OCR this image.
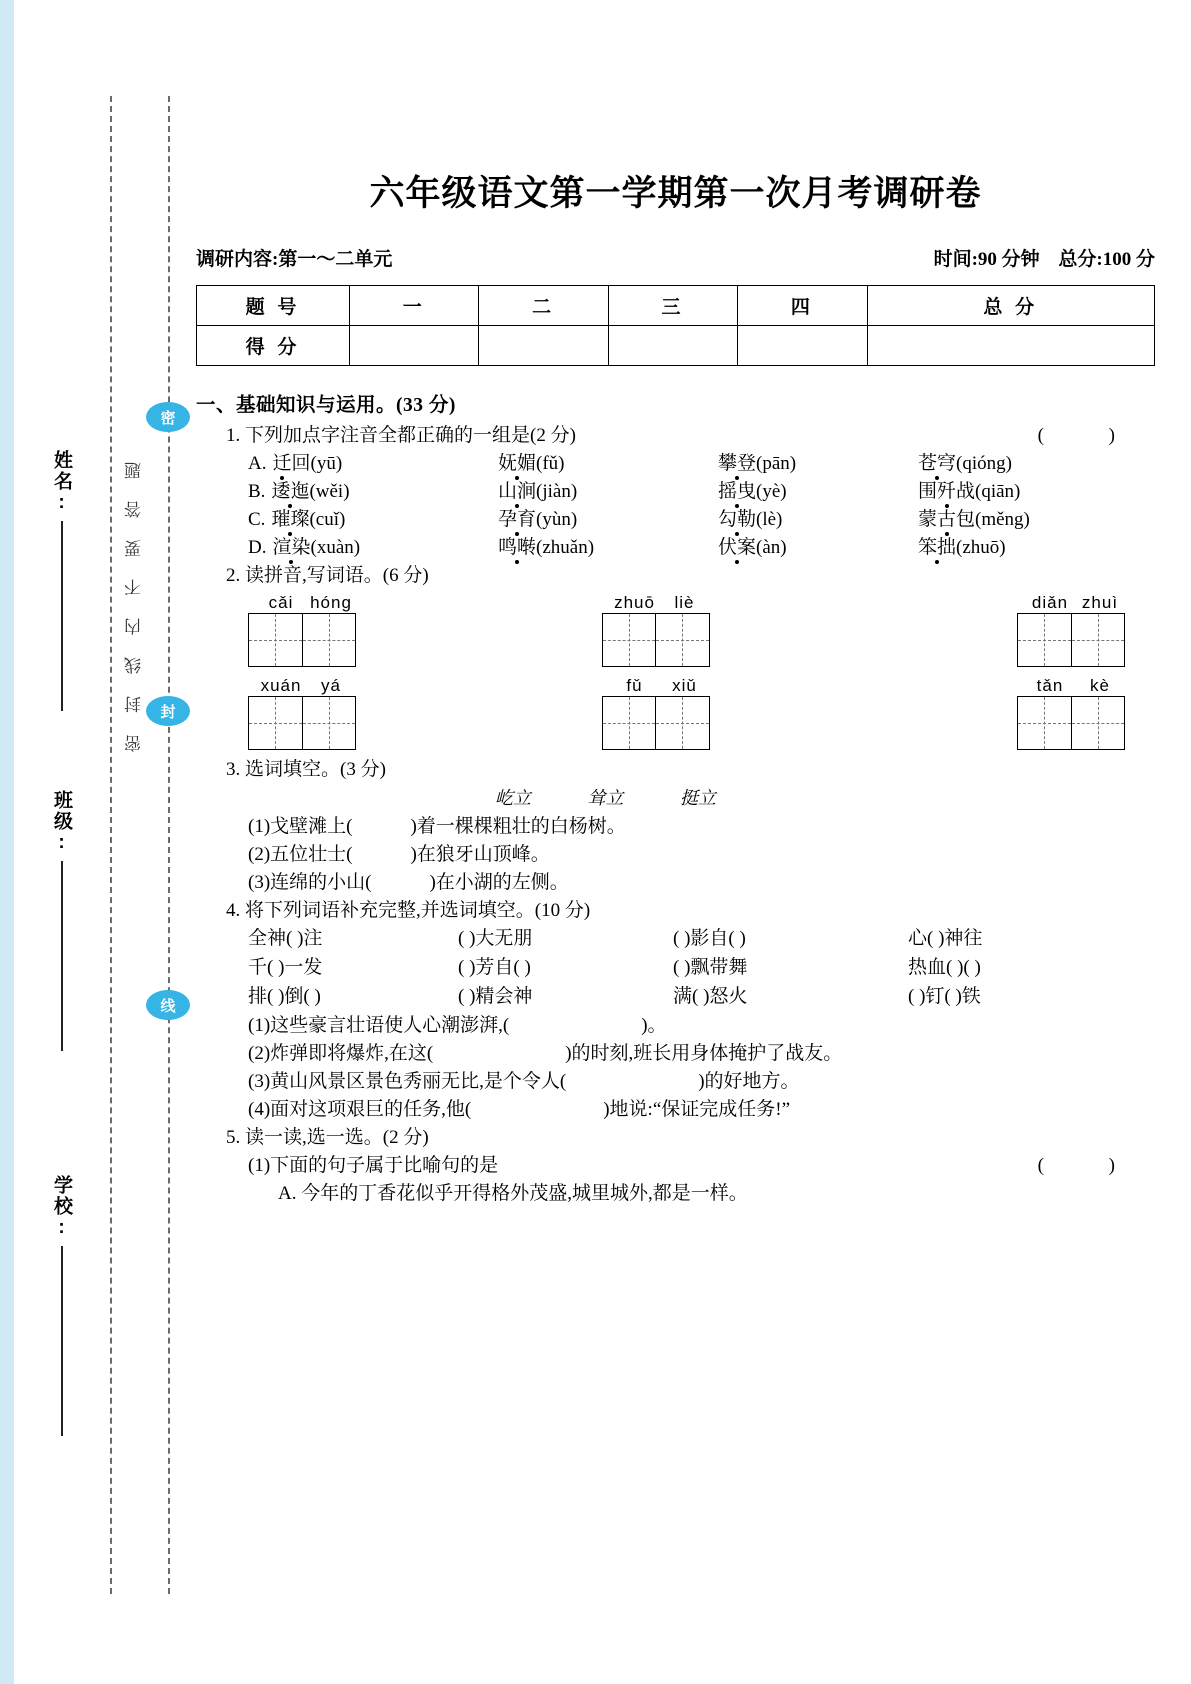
密
封
线
密封线内不要答题
姓名:
班级:
学校:
六年级语文第一学期第一次月考调研卷
调研内容:第一～二单元	时间:90 分钟 总分:100 分
题 号	一	二	三	四	总 分
得 分					
一、基础知识与运用。(33 分)
1. 下列加点字注音全都正确的一组是(2 分)	( )
A. 迁回(yū)	妩媚(fǔ)	攀登(pān)	苍穹(qióng)
B. 逶迤(wěi)	山涧(jiàn)	摇曳(yè)	围歼战(qiān)
C. 璀璨(cuǐ)	孕育(yùn)	勾勒(lè)	蒙古包(měng)
D. 渲染(xuàn)	鸣啭(zhuǎn)	伏案(àn)	笨拙(zhuō)
2. 读拼音,写词语。(6 分)
cǎi hóng	zhuō liè	diǎn zhuì
xuán yá	fǔ xiǔ	tǎn kè
3. 选词填空。(3 分)
屹立	耸立	挺立
(1)戈壁滩上(	)着一棵棵粗壮的白杨树。
(2)五位壮士(	)在狼牙山顶峰。
(3)连绵的小山(	)在小湖的左侧。
4. 将下列词语补充完整,并选词填空。(10 分)
全神( )注	( )大无朋	( )影自( )	心( )神往
千( )一发	( )芳自( )	( )飘带舞	热血( )( )
排( )倒( )	( )精会神	满( )怒火	( )钉( )铁
(1)这些豪言壮语使人心潮澎湃,(	)。
(2)炸弹即将爆炸,在这(	)的时刻,班长用身体掩护了战友。
(3)黄山风景区景色秀丽无比,是个令人(	)的好地方。
(4)面对这项艰巨的任务,他(	)地说:“保证完成任务!”
5. 读一读,选一选。(2 分)
(1)下面的句子属于比喻句的是	( )
A. 今年的丁香花似乎开得格外茂盛,城里城外,都是一样。
